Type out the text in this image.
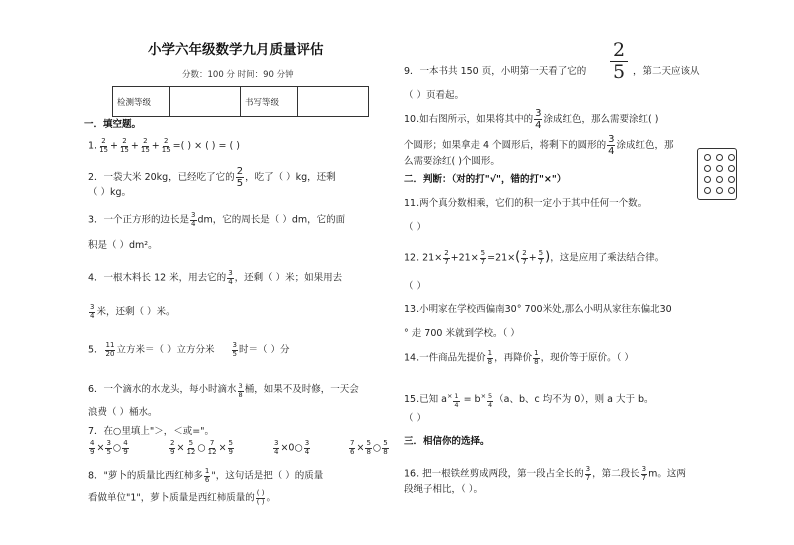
小学六年级数学九月质量评估
分数：100 分 时间：90 分钟
检测等级		书写等级	
一．填空题。
1. $\frac{2}{15} + \frac{2}{15} + \frac{2}{15} + \frac{2}{15}$ =( ) × ( ) = ( )
2．一袋大米 20kg，已经吃了它的 $\frac{2}{5}$ ，吃了（ ）kg，还剩
（ ）kg。
3．一个正方形的边长是 $\frac{3}{4}$ dm，它的周长是（ ）dm，它的面
积是（ ）dm²。
4．一根木料长 12 米，用去它的 $\frac{3}{4}$ ，还剩（ ）米；如果用去
$\frac{3}{4}$ 米，还剩（ ）米。
5． $\frac{11}{20}$ 立方米＝（ ）立方分米 $\frac{3}{5}$ 时＝（ ）分
6．一个滴水的水龙头，每小时滴水 $\frac{3}{8}$ 桶，如果不及时修，一天会
浪费（ ）桶水。
7．在○里填上"＞，＜或="。
$\frac{4}{9} \times \frac{3}{5}$ ○ $\frac{4}{9}$	$\frac{2}{9} \times \frac{5}{12}$ ○ $\frac{7}{12} \times \frac{5}{9}$	$\frac{3}{4}$ ×0○ $\frac{3}{4}$	$\frac{7}{6} \times \frac{5}{8}$ ○ $\frac{5}{8}$
8．"萝卜的质量比西红柿多 $\frac{1}{6}$ "，这句话是把（ ）的质量
看做单位"1"，萝卜质量是西红柿质量的 ( )
( ) 。
2
5
9．一本书共 150 页，小明第一天看了它的	，第二天应该从
（ ）页看起。
10.如右图所示，如果将其中的 $\frac{3}{4}$ 涂成红色，那么需要涂红( )
个圆形；如果拿走 4 个圆形后，将剩下的圆形的 $\frac{3}{4}$ 涂成红色，那
么需要涂红( )个圆形。
二．判断：（对的打"√"，错的打"×"）
11.两个真分数相乘，它们的积一定小于其中任何一个数。
（ ）
12. $21\times \frac{2}{7} +21\times \frac{5}{7} =21\times( \frac{2}{7} + \frac{5}{7}$ )，这是应用了乘法结合律。
（ ）
13.小明家在学校西偏南30° 700米处,那么小明从家往东偏北30
° 走 700 米就到学校。（ ）
14.一件商品先提价 $\frac{1}{8}$ ，再降价 $\frac{1}{8}$ ，现价等于原价。（ ）
15.已知 $a^\times \frac{1}{4} = b^\times \frac{5}{4} (a$、b、c 均不为 0），则 a 大于 b。
（ ）
三．相信你的选择。
16. 把一根铁丝剪成两段，第一段占全长的 $\frac{3}{7}$ ，第二段长 $\frac{3}{7}$ m。这两
段绳子相比，（ ）。
